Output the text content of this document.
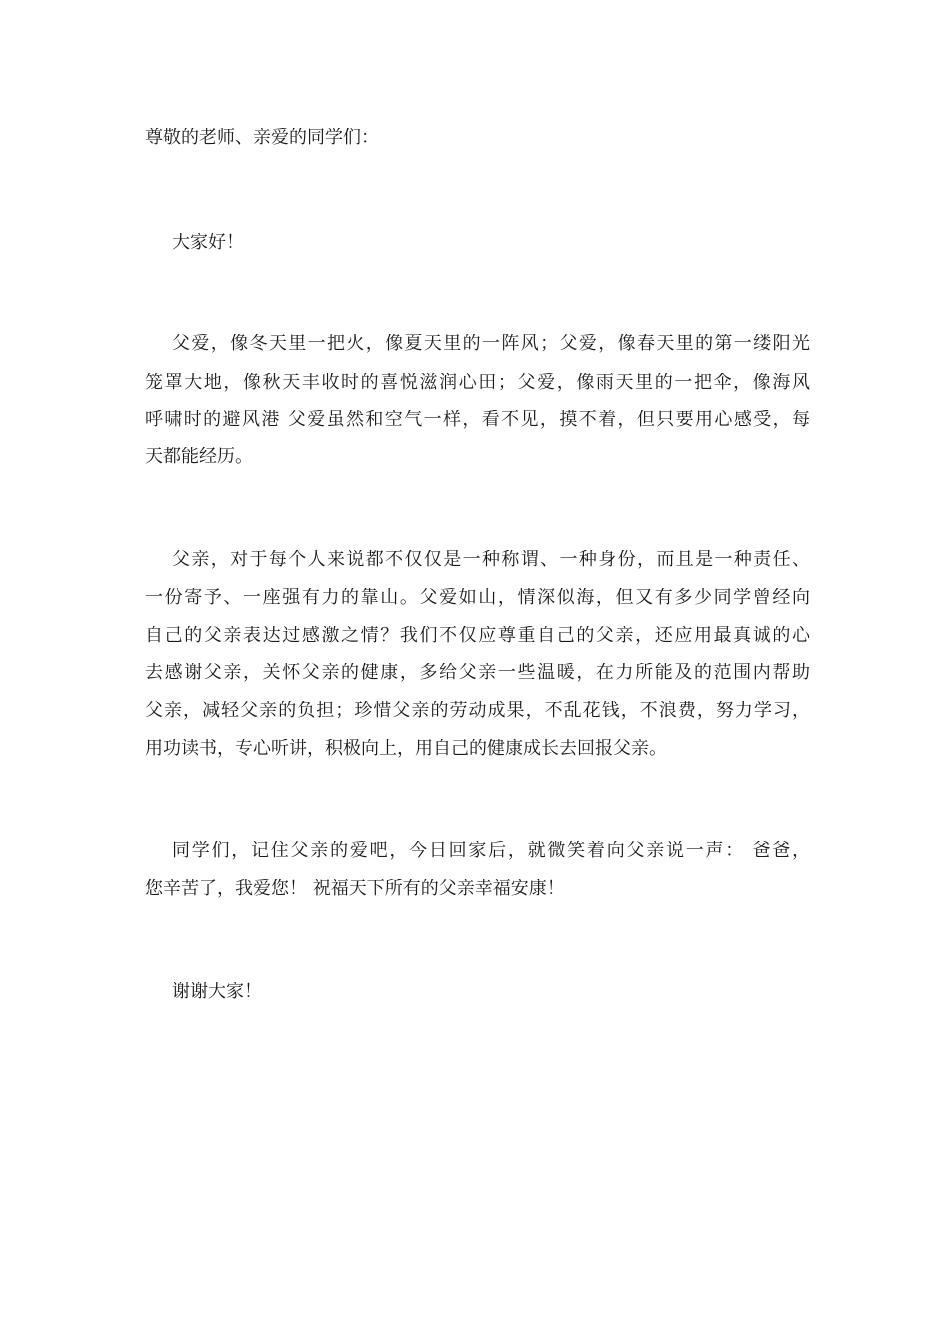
尊敬的老师、亲爱的同学们：
大家好！
父爱，像冬天里一把火，像夏天里的一阵风；父爱，像春天里的第一缕阳光
笼罩大地，像秋天丰收时的喜悦滋润心田；父爱，像雨天里的一把伞，像海风
呼啸时的避风港 父爱虽然和空气一样，看不见，摸不着，但只要用心感受，每
天都能经历。
父亲，对于每个人来说都不仅仅是一种称谓、一种身份，而且是一种责任、
一份寄予、一座强有力的靠山。父爱如山，情深似海，但又有多少同学曾经向
自己的父亲表达过感激之情？我们不仅应尊重自己的父亲，还应用最真诚的心
去感谢父亲，关怀父亲的健康，多给父亲一些温暖，在力所能及的范围内帮助
父亲，减轻父亲的负担；珍惜父亲的劳动成果，不乱花钱，不浪费，努力学习，
用功读书，专心听讲，积极向上，用自己的健康成长去回报父亲。
同学们，记住父亲的爱吧，今日回家后，就微笑着向父亲说一声： 爸爸，
您辛苦了，我爱您！ 祝福天下所有的父亲幸福安康！
谢谢大家！
